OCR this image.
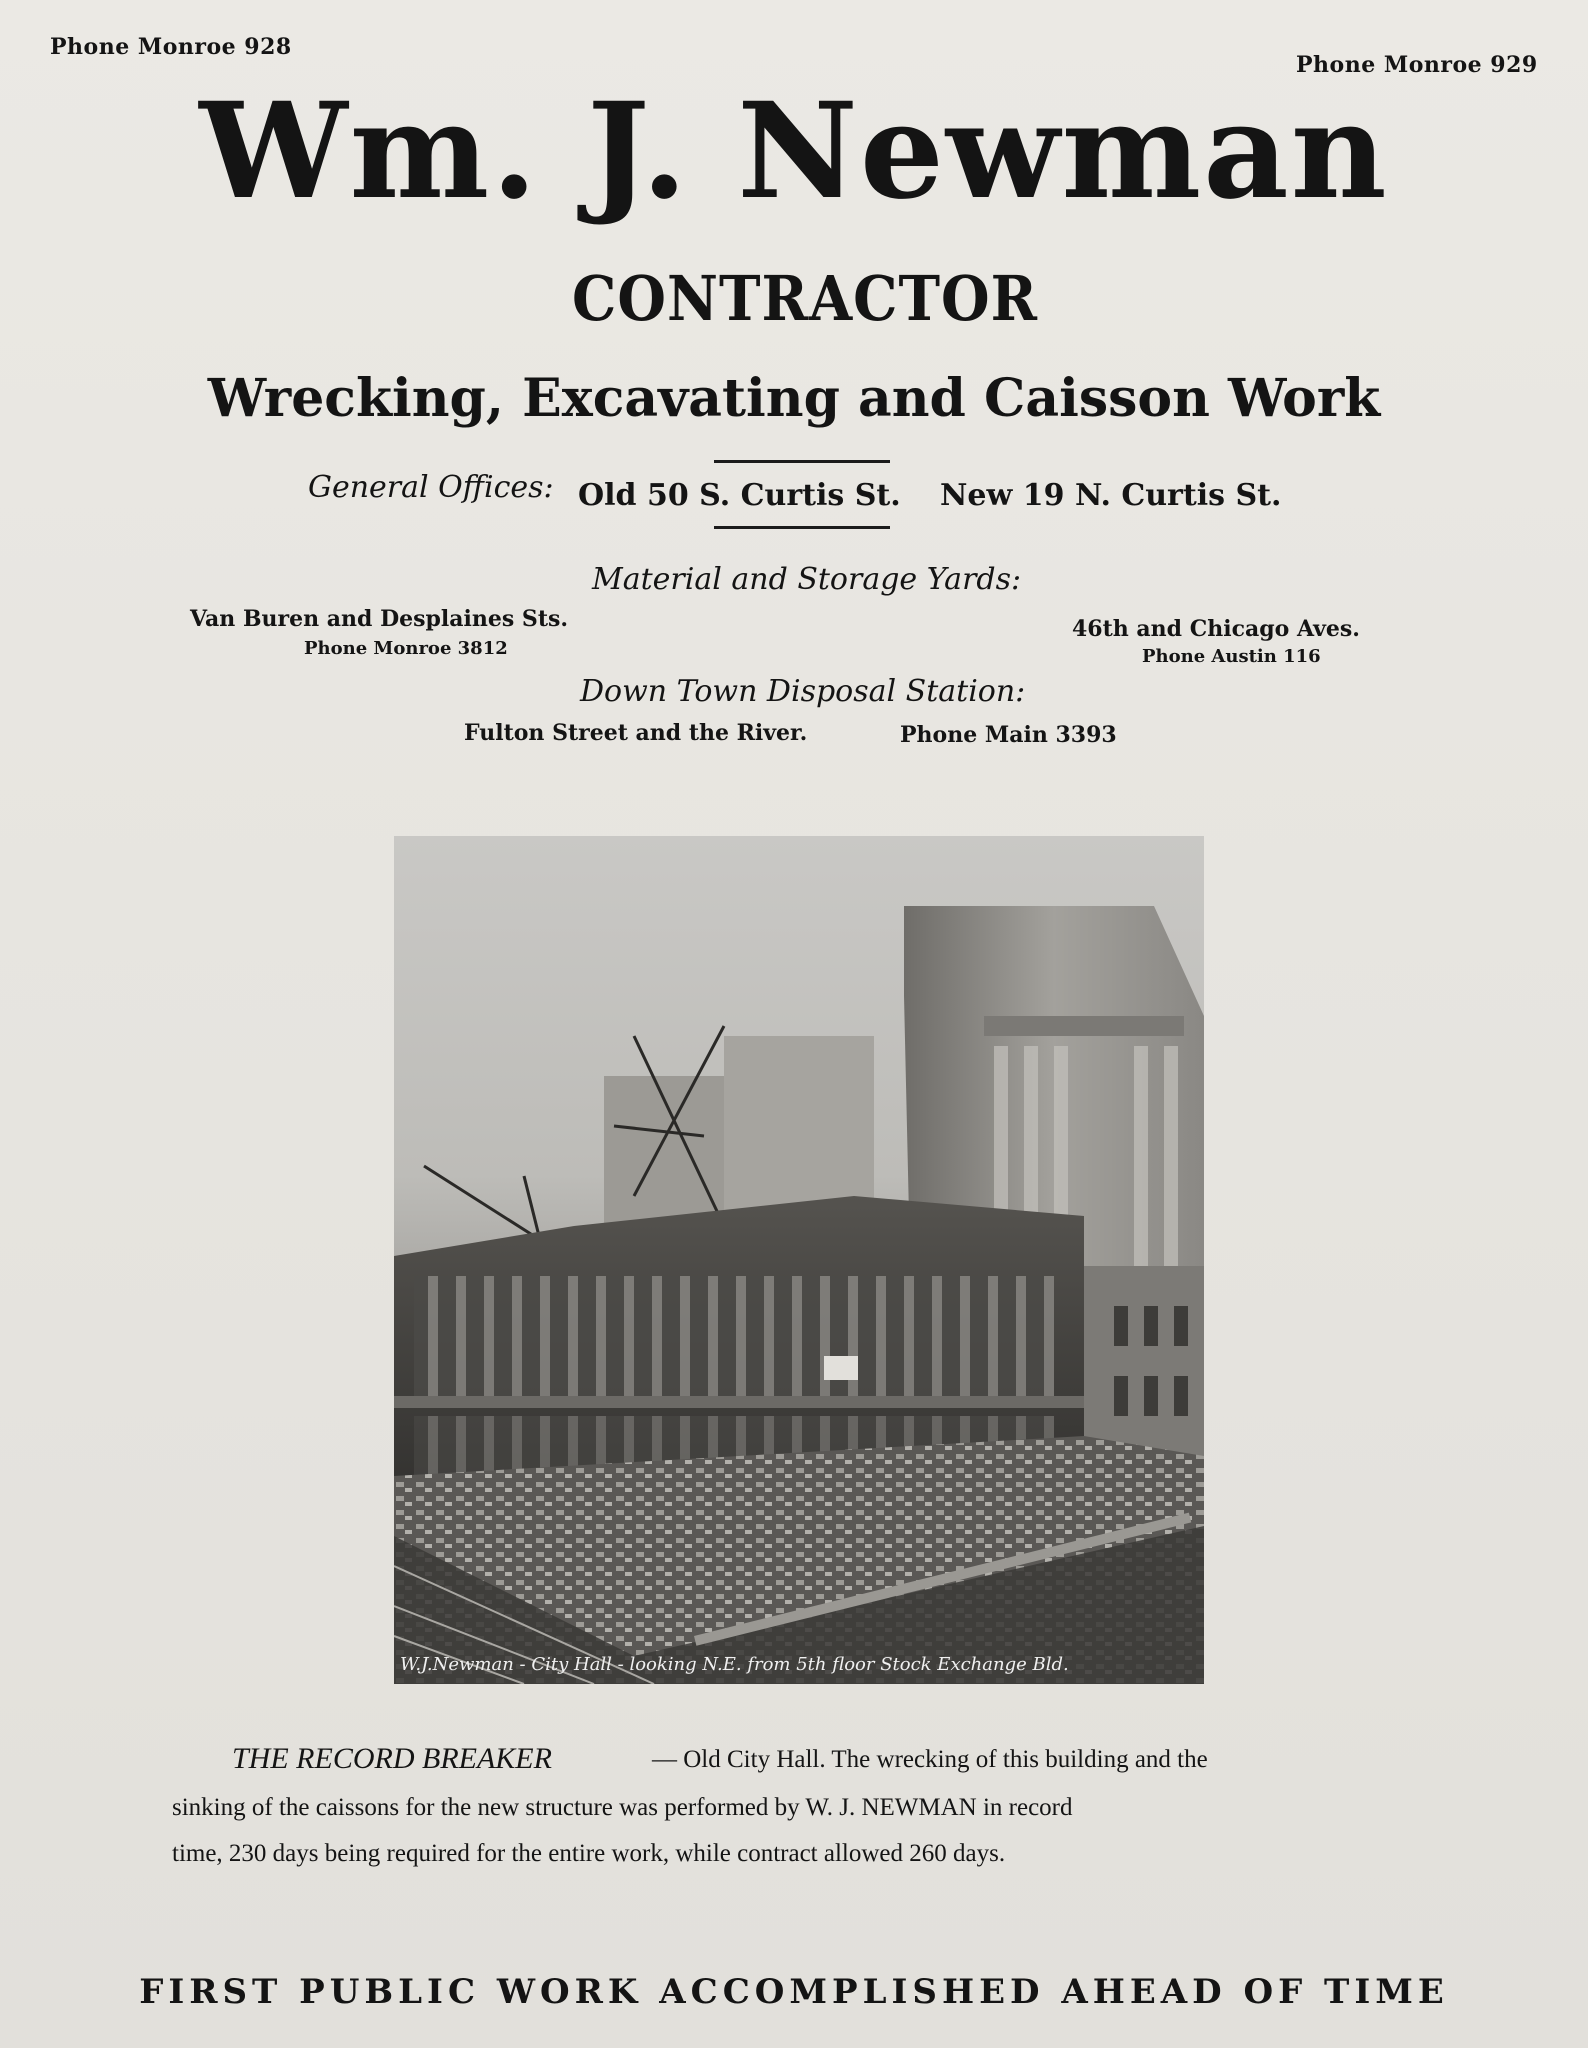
Phone Monroe 928
Phone Monroe 929
Wm. J. Newman
CONTRACTOR
Wrecking, Excavating and Caisson Work
General Offices: Old 50 S. Curtis St. New 19 N. Curtis St.
Material and Storage Yards:
Van Buren and Desplaines Sts.
Phone Monroe 3812
46th and Chicago Aves.
Phone Austin 116
Down Town Disposal Station:
Fulton Street and the River.	Phone Main 3393
W.J.Newman - City Hall - looking N.E. from 5th floor Stock Exchange Bld.
THE RECORD BREAKER	— Old City Hall. The wrecking of this building and the
sinking of the caissons for the new structure was performed by W. J. NEWMAN in record
time, 230 days being required for the entire work, while contract allowed 260 days.
FIRST PUBLIC WORK ACCOMPLISHED AHEAD OF TIME
